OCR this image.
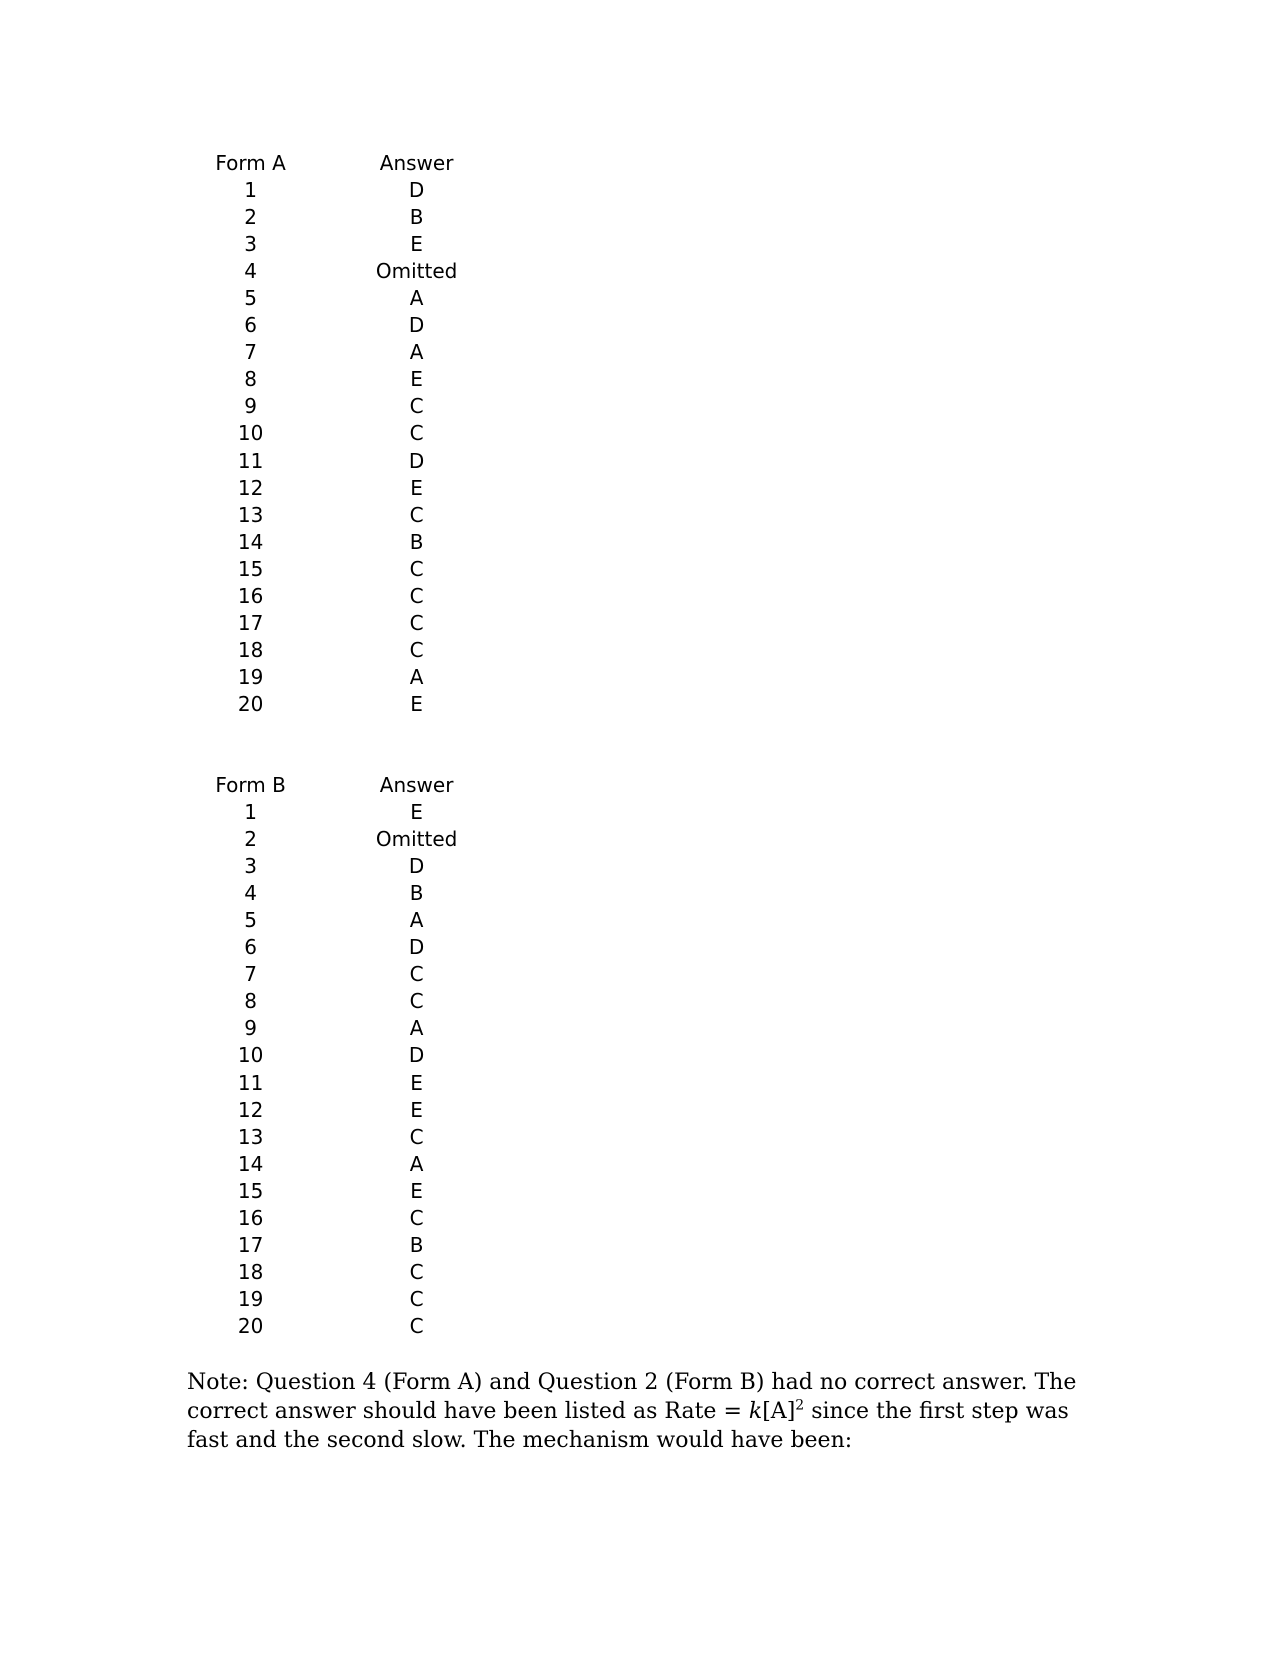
Form A	Answer
1	D
2	B
3	E
4	Omitted
5	A
6	D
7	A
8	E
9	C
10	C
11	D
12	E
13	C
14	B
15	C
16	C
17	C
18	C
19	A
20	E
Form B	Answer
1	E
2	Omitted
3	D
4	B
5	A
6	D
7	C
8	C
9	A
10	D
11	E
12	E
13	C
14	A
15	E
16	C
17	B
18	C
19	C
20	C
Note: Question 4 (Form A) and Question 2 (Form B) had no correct answer. The correct answer should have been listed as Rate = $k[A]^2$ since the first step was fast and the second slow. The mechanism would have been:
